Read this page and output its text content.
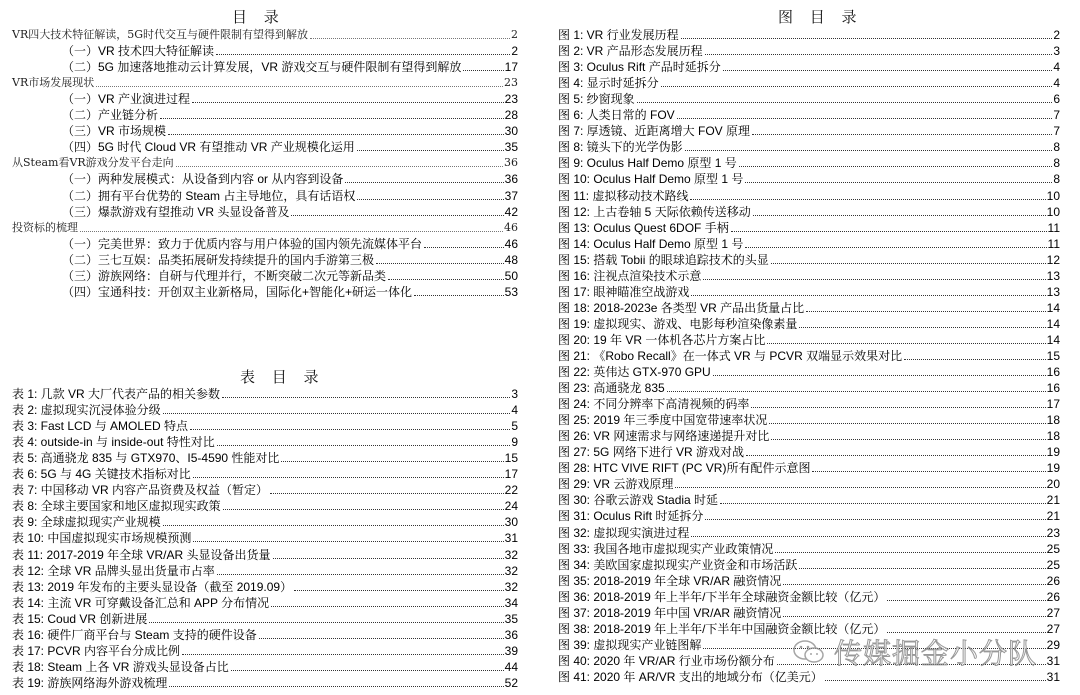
目 录
VR四大技术特征解读，5G时代交互与硬件限制有望得到解放	2
（一）VR 技术四大特征解读	2
（二）5G 加速落地推动云计算发展，VR 游戏交互与硬件限制有望得到解放	17
VR市场发展现状	23
（一）VR 产业演进过程	23
（二）产业链分析	28
（三）VR 市场规模	30
（四）5G 时代 Cloud VR 有望推动 VR 产业规模化运用	35
从Steam看VR游戏分发平台走向	36
（一）两种发展模式：从设备到内容 or 从内容到设备	36
（二）拥有平台优势的 Steam 占主导地位，具有话语权	37
（三）爆款游戏有望推动 VR 头显设备普及	42
投资标的梳理	46
（一）完美世界：致力于优质内容与用户体验的国内领先流媒体平台	46
（二）三七互娱：品类拓展研发持续提升的国内手游第三极	48
（三）游族网络：自研与代理并行，不断突破二次元等新品类	50
（四）宝通科技：开创双主业新格局，国际化+智能化+研运一体化	53
表 目 录
表 1: 几款 VR 大厂代表产品的相关参数	3
表 2: 虚拟现实沉浸体验分级	4
表 3: Fast LCD 与 AMOLED 特点	5
表 4: outside-in 与 inside-out 特性对比	9
表 5: 高通骁龙 835 与 GTX970、I5-4590 性能对比	15
表 6: 5G 与 4G 关键技术指标对比	17
表 7: 中国移动 VR 内容产品资费及权益（暂定）	22
表 8: 全球主要国家和地区虚拟现实政策	24
表 9: 全球虚拟现实产业规模	30
表 10: 中国虚拟现实市场规模预测	31
表 11: 2017-2019 年全球 VR/AR 头显设备出货量	32
表 12: 全球 VR 品牌头显出货量市占率	32
表 13: 2019 年发布的主要头显设备（截至 2019.09）	32
表 14: 主流 VR 可穿戴设备汇总和 APP 分布情况	34
表 15: Coud VR 创新进展	35
表 16: 硬件厂商平台与 Steam 支持的硬件设备	36
表 17: PCVR 内容平台分成比例	39
表 18: Steam 上各 VR 游戏头显设备占比	44
表 19: 游族网络海外游戏梳理	52
图 目 录
图 1: VR 行业发展历程	2
图 2: VR 产品形态发展历程	3
图 3: Oculus Rift 产品时延拆分	4
图 4: 显示时延拆分	4
图 5: 纱窗现象	6
图 6: 人类日常的 FOV	7
图 7: 厚透镜、近距离增大 FOV 原理	7
图 8: 镜头下的光学伪影	8
图 9: Oculus Half Demo 原型 1 号	8
图 10: Oculus Half Demo 原型 1 号	8
图 11: 虚拟移动技术路线	10
图 12: 上古卷轴 5 天际依赖传送移动	10
图 13: Oculus Quest 6DOF 手柄	11
图 14: Oculus Half Demo 原型 1 号	11
图 15: 搭载 Tobii 的眼球追踪技术的头显	12
图 16: 注视点渲染技术示意	13
图 17: 眼神瞄准空战游戏	13
图 18: 2018-2023e 各类型 VR 产品出货量占比	14
图 19: 虚拟现实、游戏、电影每秒渲染像素量	14
图 20: 19 年 VR 一体机各芯片方案占比	14
图 21: 《Robo Recall》在一体式 VR 与 PCVR 双端显示效果对比	15
图 22: 英伟达 GTX-970 GPU	16
图 23: 高通骁龙 835	16
图 24: 不同分辨率下高清视频的码率	17
图 25: 2019 年三季度中国宽带速率状况	18
图 26: VR 网速需求与网络速递提升对比	18
图 27: 5G 网络下进行 VR 游戏对战	19
图 28: HTC VIVE RIFT (PC VR)所有配件示意图	19
图 29: VR 云游戏原理	20
图 30: 谷歌云游戏 Stadia 时延	21
图 31: Oculus Rift 时延拆分	21
图 32: 虚拟现实演进过程	23
图 33: 我国各地市虚拟现实产业政策情况	25
图 34: 美欧国家虚拟现实产业资金和市场活跃	25
图 35: 2018-2019 年全球 VR/AR 融资情况	26
图 36: 2018-2019 年上半年/下半年全球融资金额比较（亿元）	26
图 37: 2018-2019 年中国 VR/AR 融资情况	27
图 38: 2018-2019 年上半年/下半年中国融资金额比较（亿元）	27
图 39: 虚拟现实产业链图解	29
图 40: 2020 年 VR/AR 行业市场份额分布	31
图 41: 2020 年 AR/VR 支出的地域分布（亿美元）	31
传媒掘金小分队
